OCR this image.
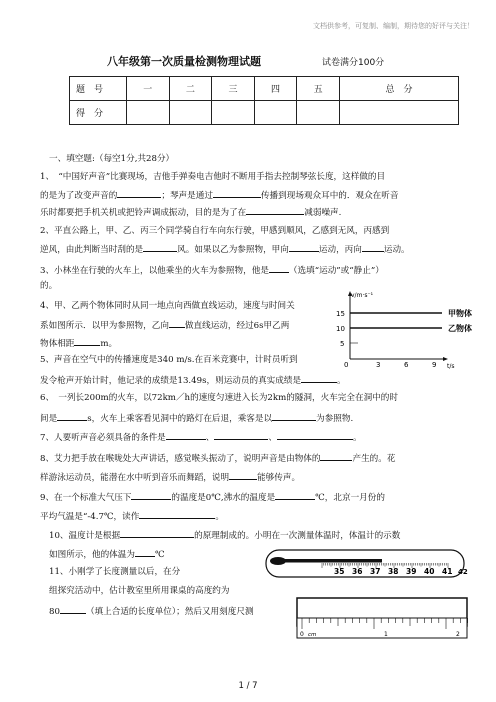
文档供参考，可复制、编制，期待您的好评与关注！
八年级第一次质量检测物理试题	试卷满分100分
题　号	一	二	三	四	五	总　分
得　分						
一、填空题:（每空1分,共28分）
1、　“中国好声音”比赛现场，吉他手弹奏电吉他时不断用手指去控制琴弦长度，这样做的目
的是为了改变声音的	；琴声是通过	传播到现场观众耳中的．观众在听音
乐时都要把手机关机或把铃声调成振动，目的是为了在	减弱噪声.
2、平直公路上，甲、乙、丙三个同学骑自行车向东行驶，甲感到顺风，乙感到无风，丙感到
逆风，由此判断当时刮的是	风。如果以乙为参照物，甲向	运动，丙向	运动。
3、小林坐在行驶的火车上，以他乘坐的火车为参照物，他是 （选填“运动”或“静止”）
的。
4、甲、乙两个物体同时从同一地点向西做直线运动，速度与时间关
系如图所示．以甲为参照物，乙向 做直线运动，经过6s甲乙两
物体相距	m。
v/m·s⁻¹
t/s
15
10
5
0	3	6	9
甲物体
乙物体
5、声音在空气中的传播速度是340 m/s.在百米竞赛中，计时员听到
发令枪声开始计时，他记录的成绩是13.49s，则运动员的真实成绩是	。
6、　一列长200m的火车，以72km／h的速度匀速进入长为2km的隧洞，火车完全在洞中的时
间是	s，火车上乘客看见洞中的路灯在后退，乘客是以	为参照物.
7、人要听声音必须具备的条件是	、	、	。
8、艾力把手放在喉咙处大声讲话，感觉喉头振动了，说明声音是由物体的	产生的。花
样游泳运动员，能潜在水中听到音乐而舞蹈，说明	能够传声。
9、在一个标准大气压下	的温度是0℃,沸水的温度是	℃，北京一月份的
平均气温是“-4.7℃，读作	。
10、温度计是根据	的原理制成的。小明在一次测量体温时，体温计的示数
如图所示，他的体温为 ℃
11、小刚学了长度测量以后，在分
组探究活动中，估计教室里所用课桌的高度约为
80	（填上合适的长度单位）；然后又用刻度尺测
35 36 37 38 39 40 41 42
0 cm	1	2
1 / 7
